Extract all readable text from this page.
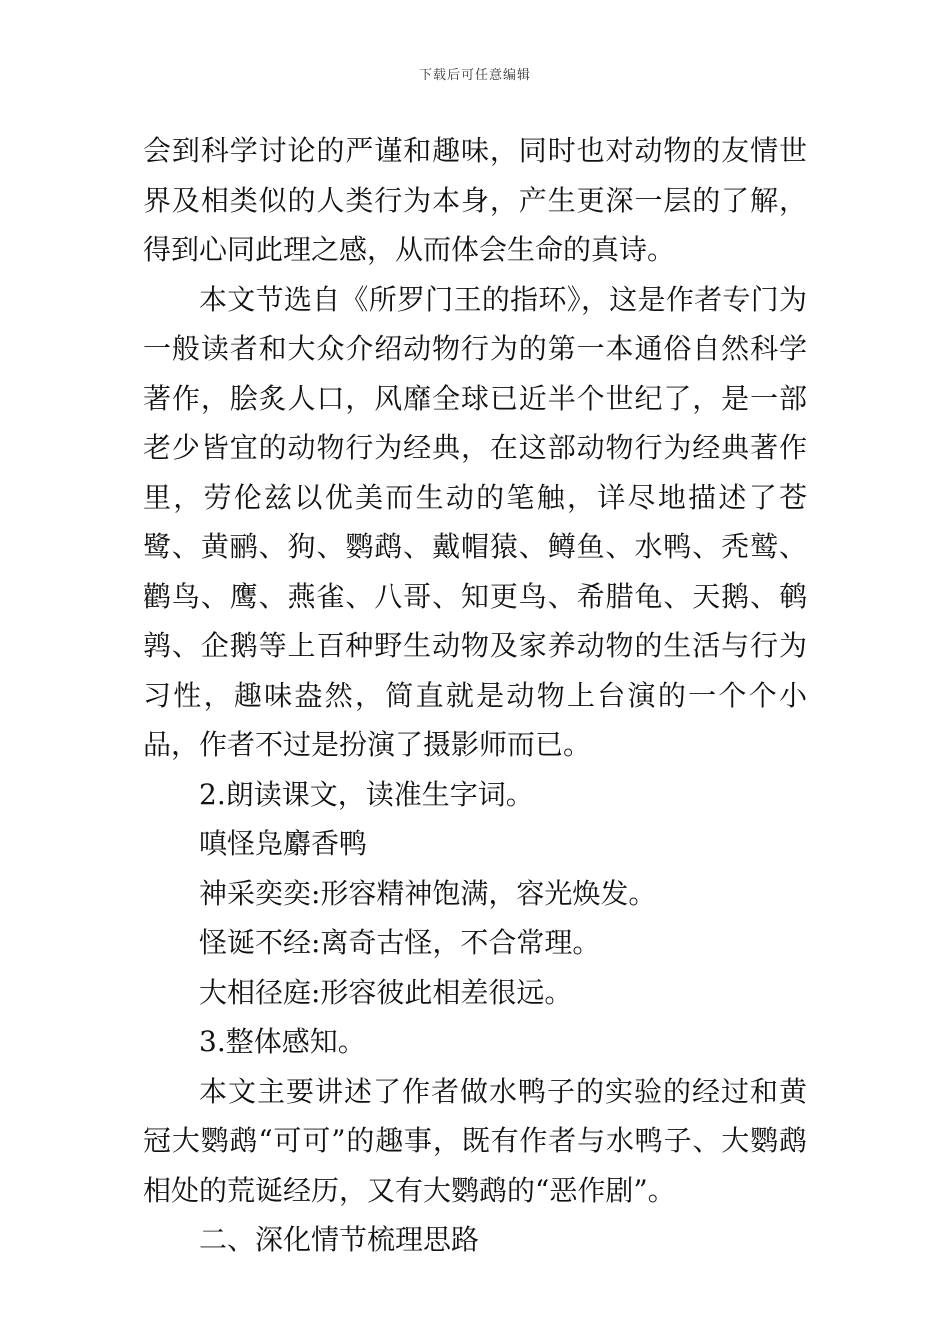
下载后可任意编辑

会到科学讨论的严谨和趣味，同时也对动物的友情世界及相类似的人类行为本身，产生更深一层的了解，得到心同此理之感，从而体会生命的真诗。

本文节选自《所罗门王的指环》，这是作者专门为一般读者和大众介绍动物行为的第一本通俗自然科学著作，脍炙人口，风靡全球已近半个世纪了，是一部老少皆宜的动物行为经典，在这部动物行为经典著作里，劳伦兹以优美而生动的笔触，详尽地描述了苍鹭、黄鹂、狗、鹦鹉、戴帽猿、鳟鱼、水鸭、秃鹫、鹳鸟、鹰、燕雀、八哥、知更鸟、希腊龟、天鹅、鹌鹑、企鹅等上百种野生动物及家养动物的生活与行为习性，趣味盎然，简直就是动物上台演的一个个小品，作者不过是扮演了摄影师而已。

2.朗读课文，读准生字词。

嗔怪凫麝香鸭

神采奕奕:形容精神饱满，容光焕发。

怪诞不经:离奇古怪，不合常理。

大相径庭:形容彼此相差很远。

3.整体感知。

本文主要讲述了作者做水鸭子的实验的经过和黄冠大鹦鹉“可可”的趣事，既有作者与水鸭子、大鹦鹉相处的荒诞经历，又有大鹦鹉的“恶作剧”。

二、深化情节梳理思路
